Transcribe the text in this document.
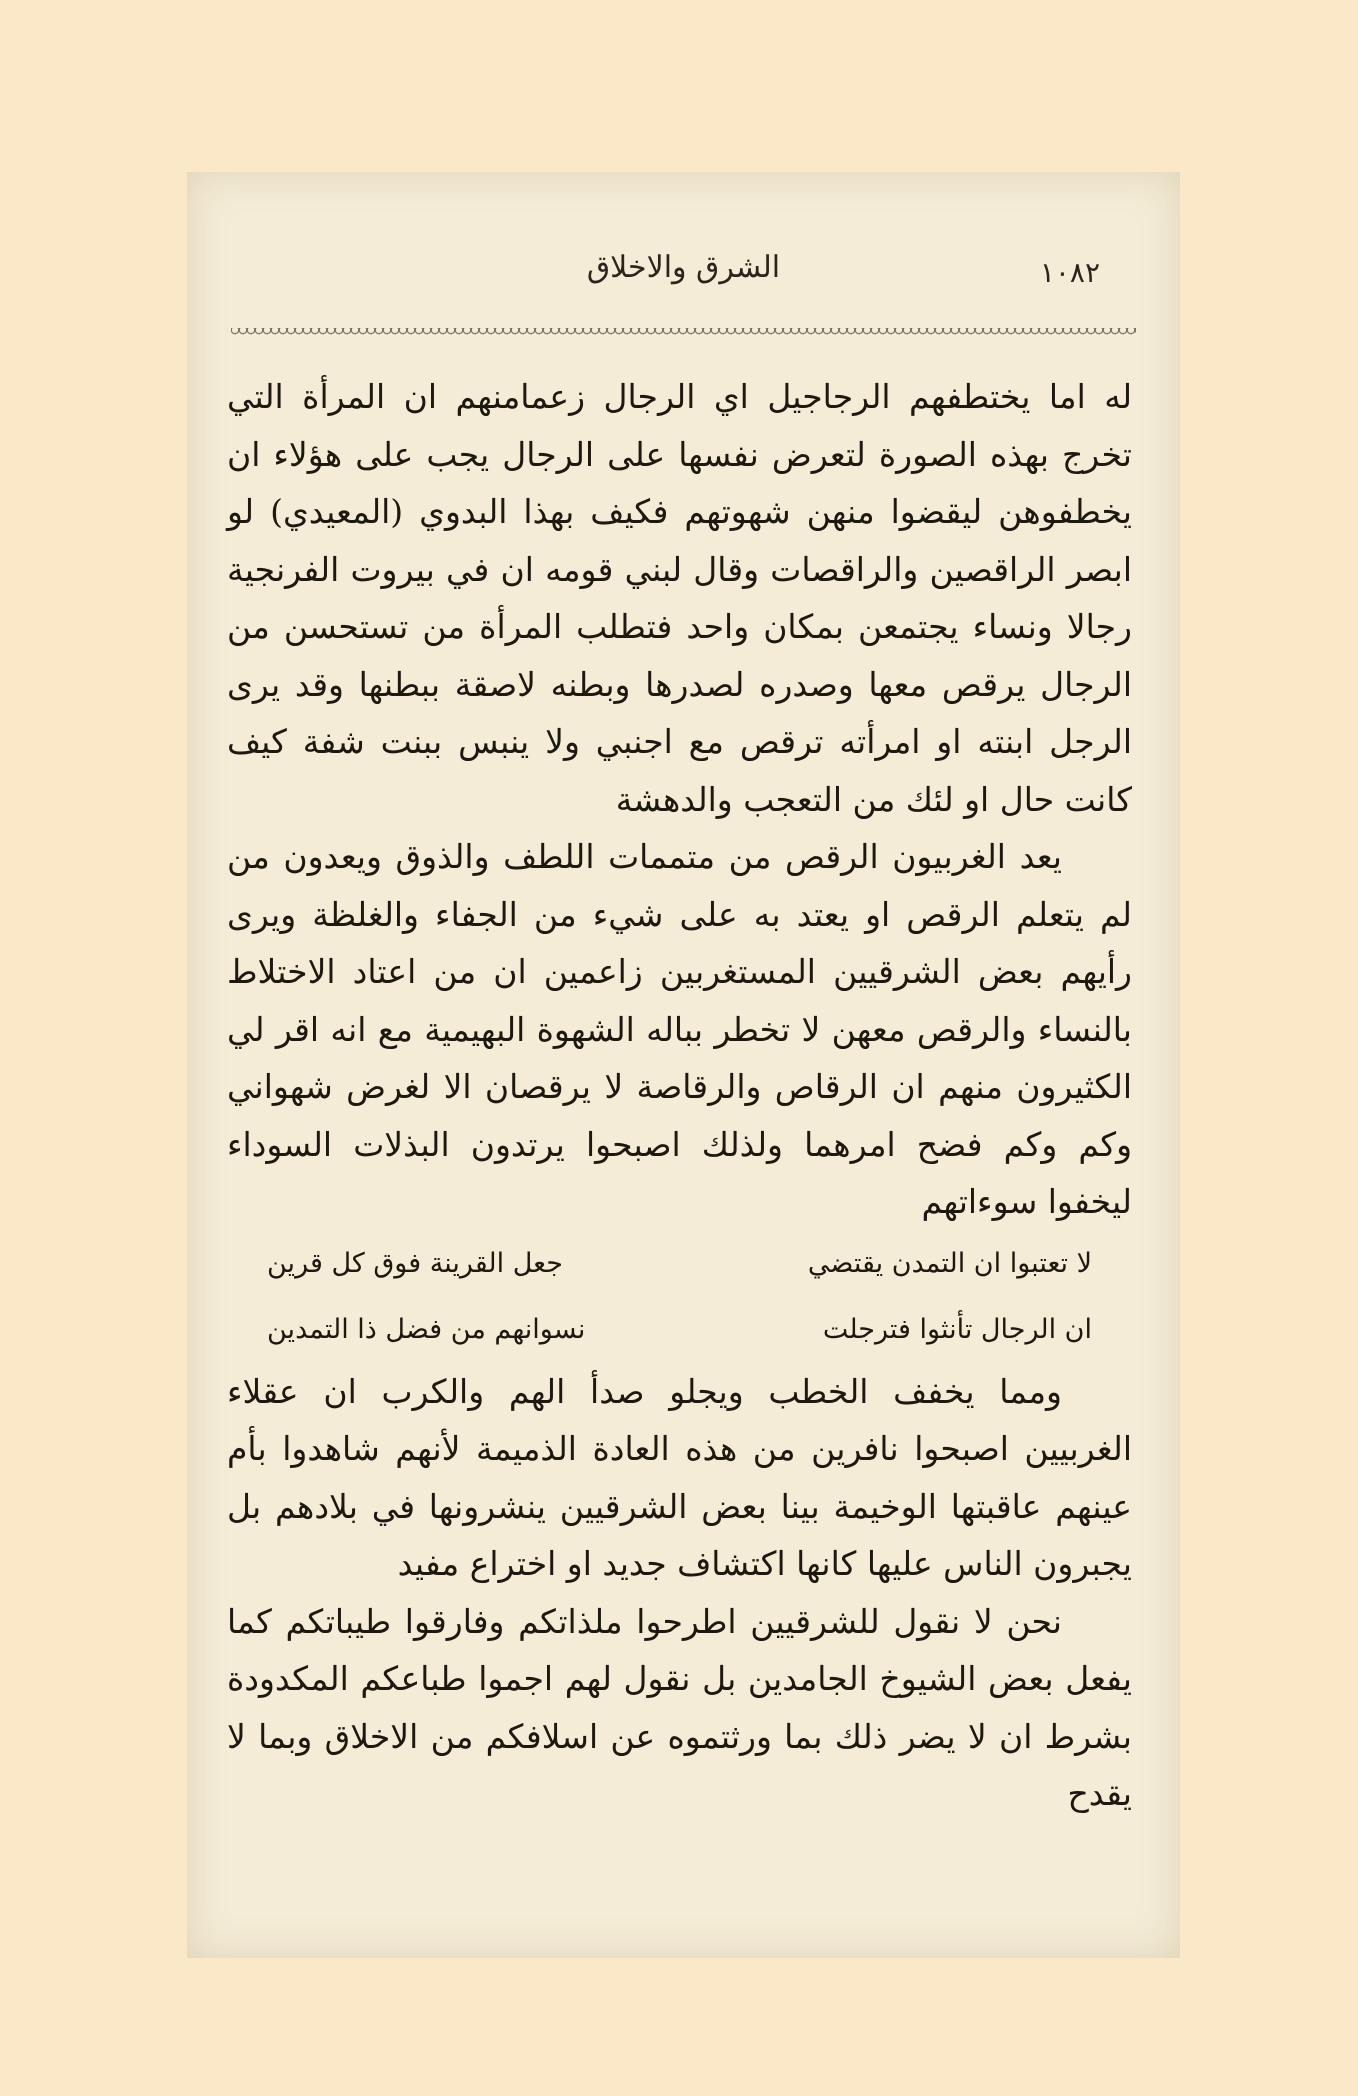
الشرق والاخلاق	١٠٨٢

له اما يختطفهم الرجاجيل اي الرجال زعمامنهم ان المرأة التي تخرج بهذه الصورة لتعرض نفسها على الرجال يجب على هؤلاء ان يخطفوهن ليقضوا منهن شهوتهم فكيف بهذا البدوي (المعيدي) لو ابصر الراقصين والراقصات وقال لبني قومه ان في بيروت الفرنجية رجالا ونساء يجتمعن بمكان واحد فتطلب المرأة من تستحسن من الرجال يرقص معها وصدره لصدرها وبطنه لاصقة ببطنها وقد يرى الرجل ابنته او امرأته ترقص مع اجنبي ولا ينبس ببنت شفة كيف كانت حال او لئك من التعجب والدهشة

يعد الغربيون الرقص من متممات اللطف والذوق ويعدون من لم يتعلم الرقص او يعتد به على شيء من الجفاء والغلظة ويرى رأيهم بعض الشرقيين المستغربين زاعمين ان من اعتاد الاختلاط بالنساء والرقص معهن لا تخطر بباله الشهوة البهيمية مع انه اقر لي الكثيرون منهم ان الرقاص والرقاصة لا يرقصان الا لغرض شهواني وكم وكم فضح امرهما ولذلك اصبحوا يرتدون البذلات السوداء ليخفوا سوءاتهم

لا تعتبوا ان التمدن يقتضي
جعل القرينة فوق كل قرين
ان الرجال تأنثوا فترجلت
نسوانهم من فضل ذا التمدين

ومما يخفف الخطب ويجلو صدأ الهم والكرب ان عقلاء الغربيين اصبحوا نافرين من هذه العادة الذميمة لأنهم شاهدوا بأم عينهم عاقبتها الوخيمة بينا بعض الشرقيين ينشرونها في بلادهم بل يجبرون الناس عليها كانها اكتشاف جديد او اختراع مفيد

نحن لا نقول للشرقيين اطرحوا ملذاتكم وفارقوا طيباتكم كما يفعل بعض الشيوخ الجامدين بل نقول لهم اجموا طباعكم المكدودة بشرط ان لا يضر ذلك بما ورثتموه عن اسلافكم من الاخلاق وبما لا يقدح
